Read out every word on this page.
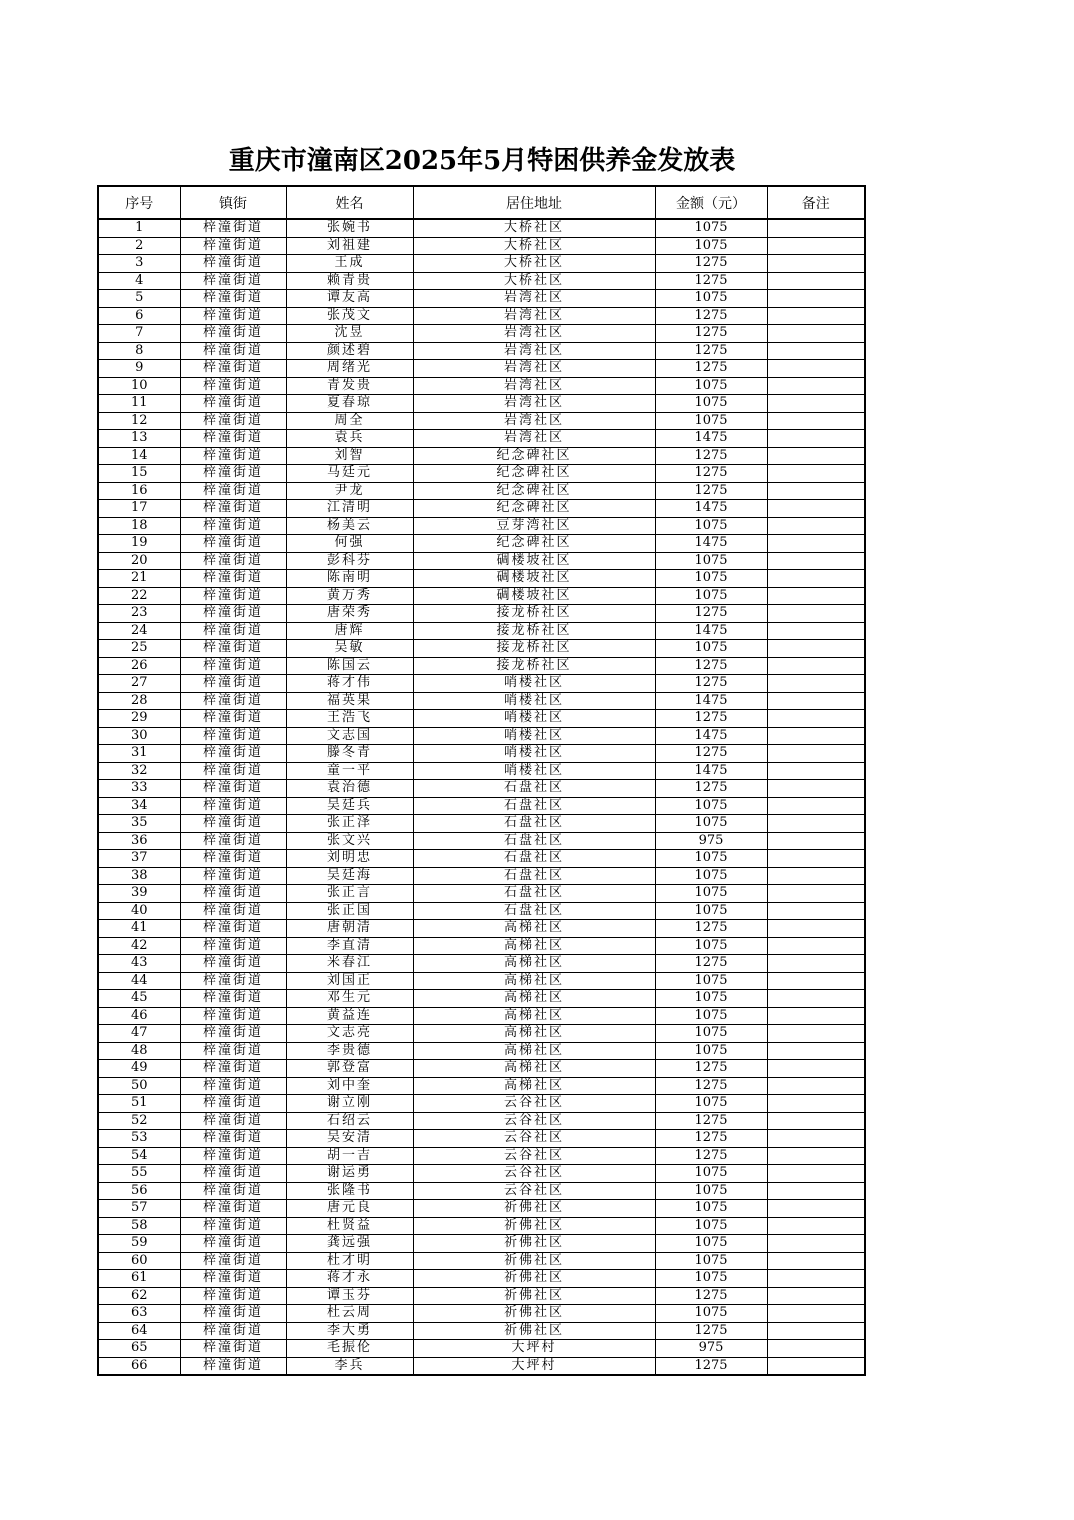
重庆市潼南区2025年5月特困供养金发放表
序号	镇街	姓名	居住地址	金额（元）	备注
1	梓潼街道	张婉书	大桥社区	1075	
2	梓潼街道	刘祖建	大桥社区	1075	
3	梓潼街道	王成	大桥社区	1275	
4	梓潼街道	赖青贵	大桥社区	1275	
5	梓潼街道	谭友高	岩湾社区	1075	
6	梓潼街道	张茂文	岩湾社区	1275	
7	梓潼街道	沈昱	岩湾社区	1275	
8	梓潼街道	颜述碧	岩湾社区	1275	
9	梓潼街道	周绪光	岩湾社区	1275	
10	梓潼街道	青发贵	岩湾社区	1075	
11	梓潼街道	夏春琼	岩湾社区	1075	
12	梓潼街道	周全	岩湾社区	1075	
13	梓潼街道	袁兵	岩湾社区	1475	
14	梓潼街道	刘智	纪念碑社区	1275	
15	梓潼街道	马廷元	纪念碑社区	1275	
16	梓潼街道	尹龙	纪念碑社区	1275	
17	梓潼街道	江清明	纪念碑社区	1475	
18	梓潼街道	杨美云	豆芽湾社区	1075	
19	梓潼街道	何强	纪念碑社区	1475	
20	梓潼街道	彭科芬	碉楼坡社区	1075	
21	梓潼街道	陈南明	碉楼坡社区	1075	
22	梓潼街道	黄万秀	碉楼坡社区	1075	
23	梓潼街道	唐荣秀	接龙桥社区	1275	
24	梓潼街道	唐辉	接龙桥社区	1475	
25	梓潼街道	吴敏	接龙桥社区	1075	
26	梓潼街道	陈国云	接龙桥社区	1275	
27	梓潼街道	蒋才伟	哨楼社区	1275	
28	梓潼街道	福英果	哨楼社区	1475	
29	梓潼街道	王浩飞	哨楼社区	1275	
30	梓潼街道	文志国	哨楼社区	1475	
31	梓潼街道	滕冬青	哨楼社区	1275	
32	梓潼街道	童一平	哨楼社区	1475	
33	梓潼街道	袁治德	石盘社区	1275	
34	梓潼街道	吴廷兵	石盘社区	1075	
35	梓潼街道	张正泽	石盘社区	1075	
36	梓潼街道	张文兴	石盘社区	975	
37	梓潼街道	刘明忠	石盘社区	1075	
38	梓潼街道	吴廷海	石盘社区	1075	
39	梓潼街道	张正言	石盘社区	1075	
40	梓潼街道	张正国	石盘社区	1075	
41	梓潼街道	唐朝清	高梯社区	1275	
42	梓潼街道	李直清	高梯社区	1075	
43	梓潼街道	米春江	高梯社区	1275	
44	梓潼街道	刘国正	高梯社区	1075	
45	梓潼街道	邓生元	高梯社区	1075	
46	梓潼街道	黄益连	高梯社区	1075	
47	梓潼街道	文志亮	高梯社区	1075	
48	梓潼街道	李贵德	高梯社区	1075	
49	梓潼街道	郭登富	高梯社区	1275	
50	梓潼街道	刘中奎	高梯社区	1275	
51	梓潼街道	谢立刚	云谷社区	1075	
52	梓潼街道	石绍云	云谷社区	1275	
53	梓潼街道	吴安清	云谷社区	1275	
54	梓潼街道	胡一吉	云谷社区	1275	
55	梓潼街道	谢运勇	云谷社区	1075	
56	梓潼街道	张隆书	云谷社区	1075	
57	梓潼街道	唐元良	祈佛社区	1075	
58	梓潼街道	杜贤益	祈佛社区	1075	
59	梓潼街道	龚远强	祈佛社区	1075	
60	梓潼街道	杜才明	祈佛社区	1075	
61	梓潼街道	蒋才永	祈佛社区	1075	
62	梓潼街道	谭玉芬	祈佛社区	1275	
63	梓潼街道	杜云周	祈佛社区	1075	
64	梓潼街道	李大勇	祈佛社区	1275	
65	梓潼街道	毛振伦	大坪村	975	
66	梓潼街道	李兵	大坪村	1275	
